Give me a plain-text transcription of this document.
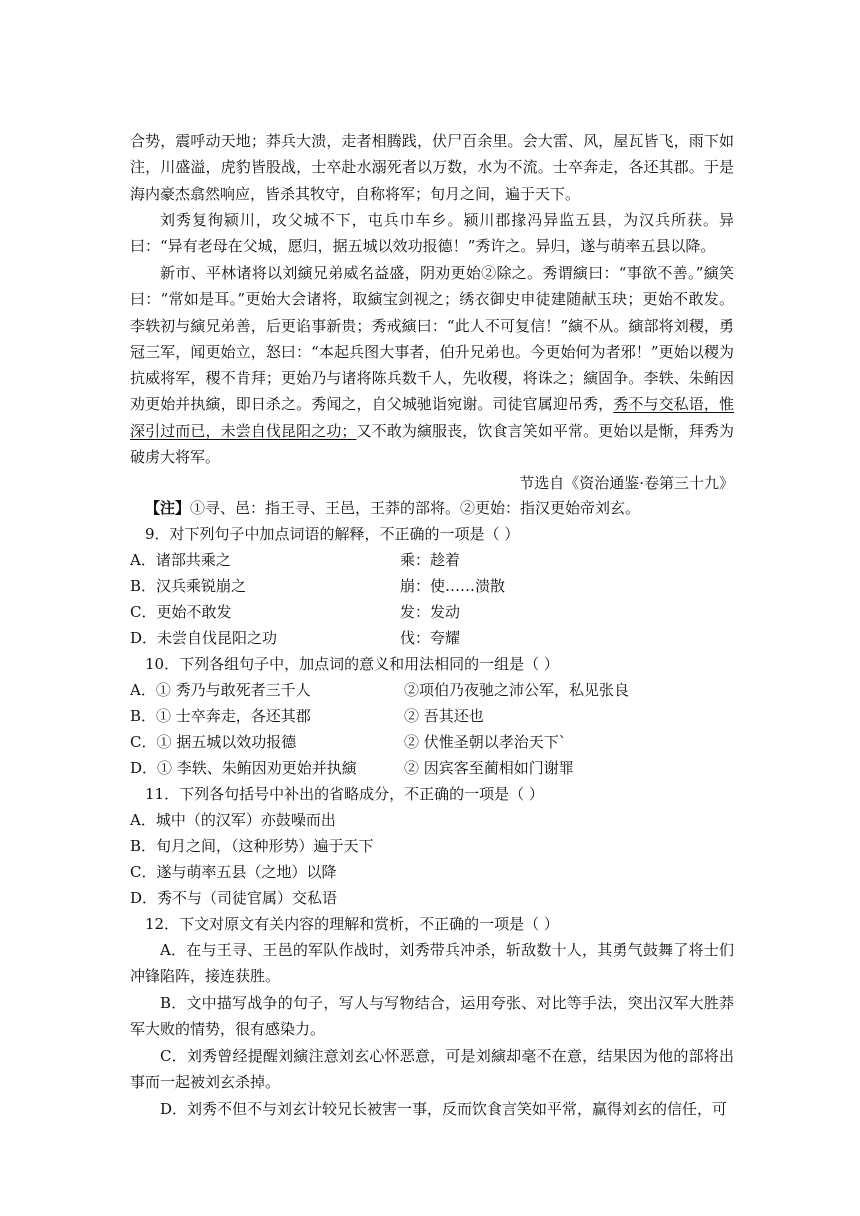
合势，震呼动天地；莽兵大溃，走者相腾践，伏尸百余里。会大雷、风，屋瓦皆飞，雨下如注，川盛溢，虎豹皆股战，士卒赴水溺死者以万数，水为不流。士卒奔走，各还其郡。于是海内豪杰翕然响应，皆杀其牧守，自称将军；旬月之间，遍于天下。

刘秀复徇颍川，攻父城不下，屯兵巾车乡。颍川郡掾冯异监五县，为汉兵所获。异曰：“异有老母在父城，愿归，据五城以效功报德！”秀许之。异归，遂与萌率五县以降。

新市、平林诸将以刘縯兄弟威名益盛，阴劝更始②除之。秀谓縯曰：“事欲不善。”縯笑曰：“常如是耳。”更始大会诸将，取縯宝剑视之；绣衣御史申徒建随献玉玦；更始不敢发。李轶初与縯兄弟善，后更谄事新贵；秀戒縯曰：“此人不可复信！”縯不从。縯部将刘稷，勇冠三军，闻更始立，怒曰：“本起兵图大事者，伯升兄弟也。今更始何为者邪！”更始以稷为抗威将军，稷不肯拜；更始乃与诸将陈兵数千人，先收稷，将诛之；縯固争。李轶、朱鲔因劝更始并执縯，即日杀之。秀闻之，自父城驰诣宛谢。司徒官属迎吊秀，秀不与交私语，惟深引过而已，未尝自伐昆阳之功；又不敢为縯服丧，饮食言笑如平常。更始以是惭，拜秀为破虏大将军。

节选自《资治通鉴·卷第三十九》

【注】①寻、邑：指王寻、王邑，王莽的部将。②更始：指汉更始帝刘玄。

9．对下列句子中加点词语的解释，不正确的一项是（ ）

A．诸部共乘之	乘：趁着
B．汉兵乘锐崩之	崩：使……溃散
C．更始不敢发	发：发动
D．未尝自伐昆阳之功	伐：夸耀

10．下列各组句子中，加点词的意义和用法相同的一组是（ ）

A．① 秀乃与敢死者三千人	②项伯乃夜驰之沛公军，私见张良
B．① 士卒奔走，各还其郡	② 吾其还也
C．① 据五城以效功报德	② 伏惟圣朝以孝治天下`
D．① 李轶、朱鲔因劝更始并执縯	② 因宾客至蔺相如门谢罪

11．下列各句括号中补出的省略成分，不正确的一项是（ ）

A．城中（的汉军）亦鼓噪而出

B．旬月之间，（这种形势）遍于天下

C．遂与萌率五县（之地）以降

D．秀不与（司徒官属）交私语

12．下文对原文有关内容的理解和赏析，不正确的一项是（ ）

A．在与王寻、王邑的军队作战时，刘秀带兵冲杀，斩敌数十人，其勇气鼓舞了将士们冲锋陷阵，接连获胜。

B．文中描写战争的句子，写人与写物结合，运用夸张、对比等手法，突出汉军大胜莽军大败的情势，很有感染力。

C．刘秀曾经提醒刘縯注意刘玄心怀恶意，可是刘縯却毫不在意，结果因为他的部将出事而一起被刘玄杀掉。

D．刘秀不但不与刘玄计较兄长被害一事，反而饮食言笑如平常，赢得刘玄的信任，可
